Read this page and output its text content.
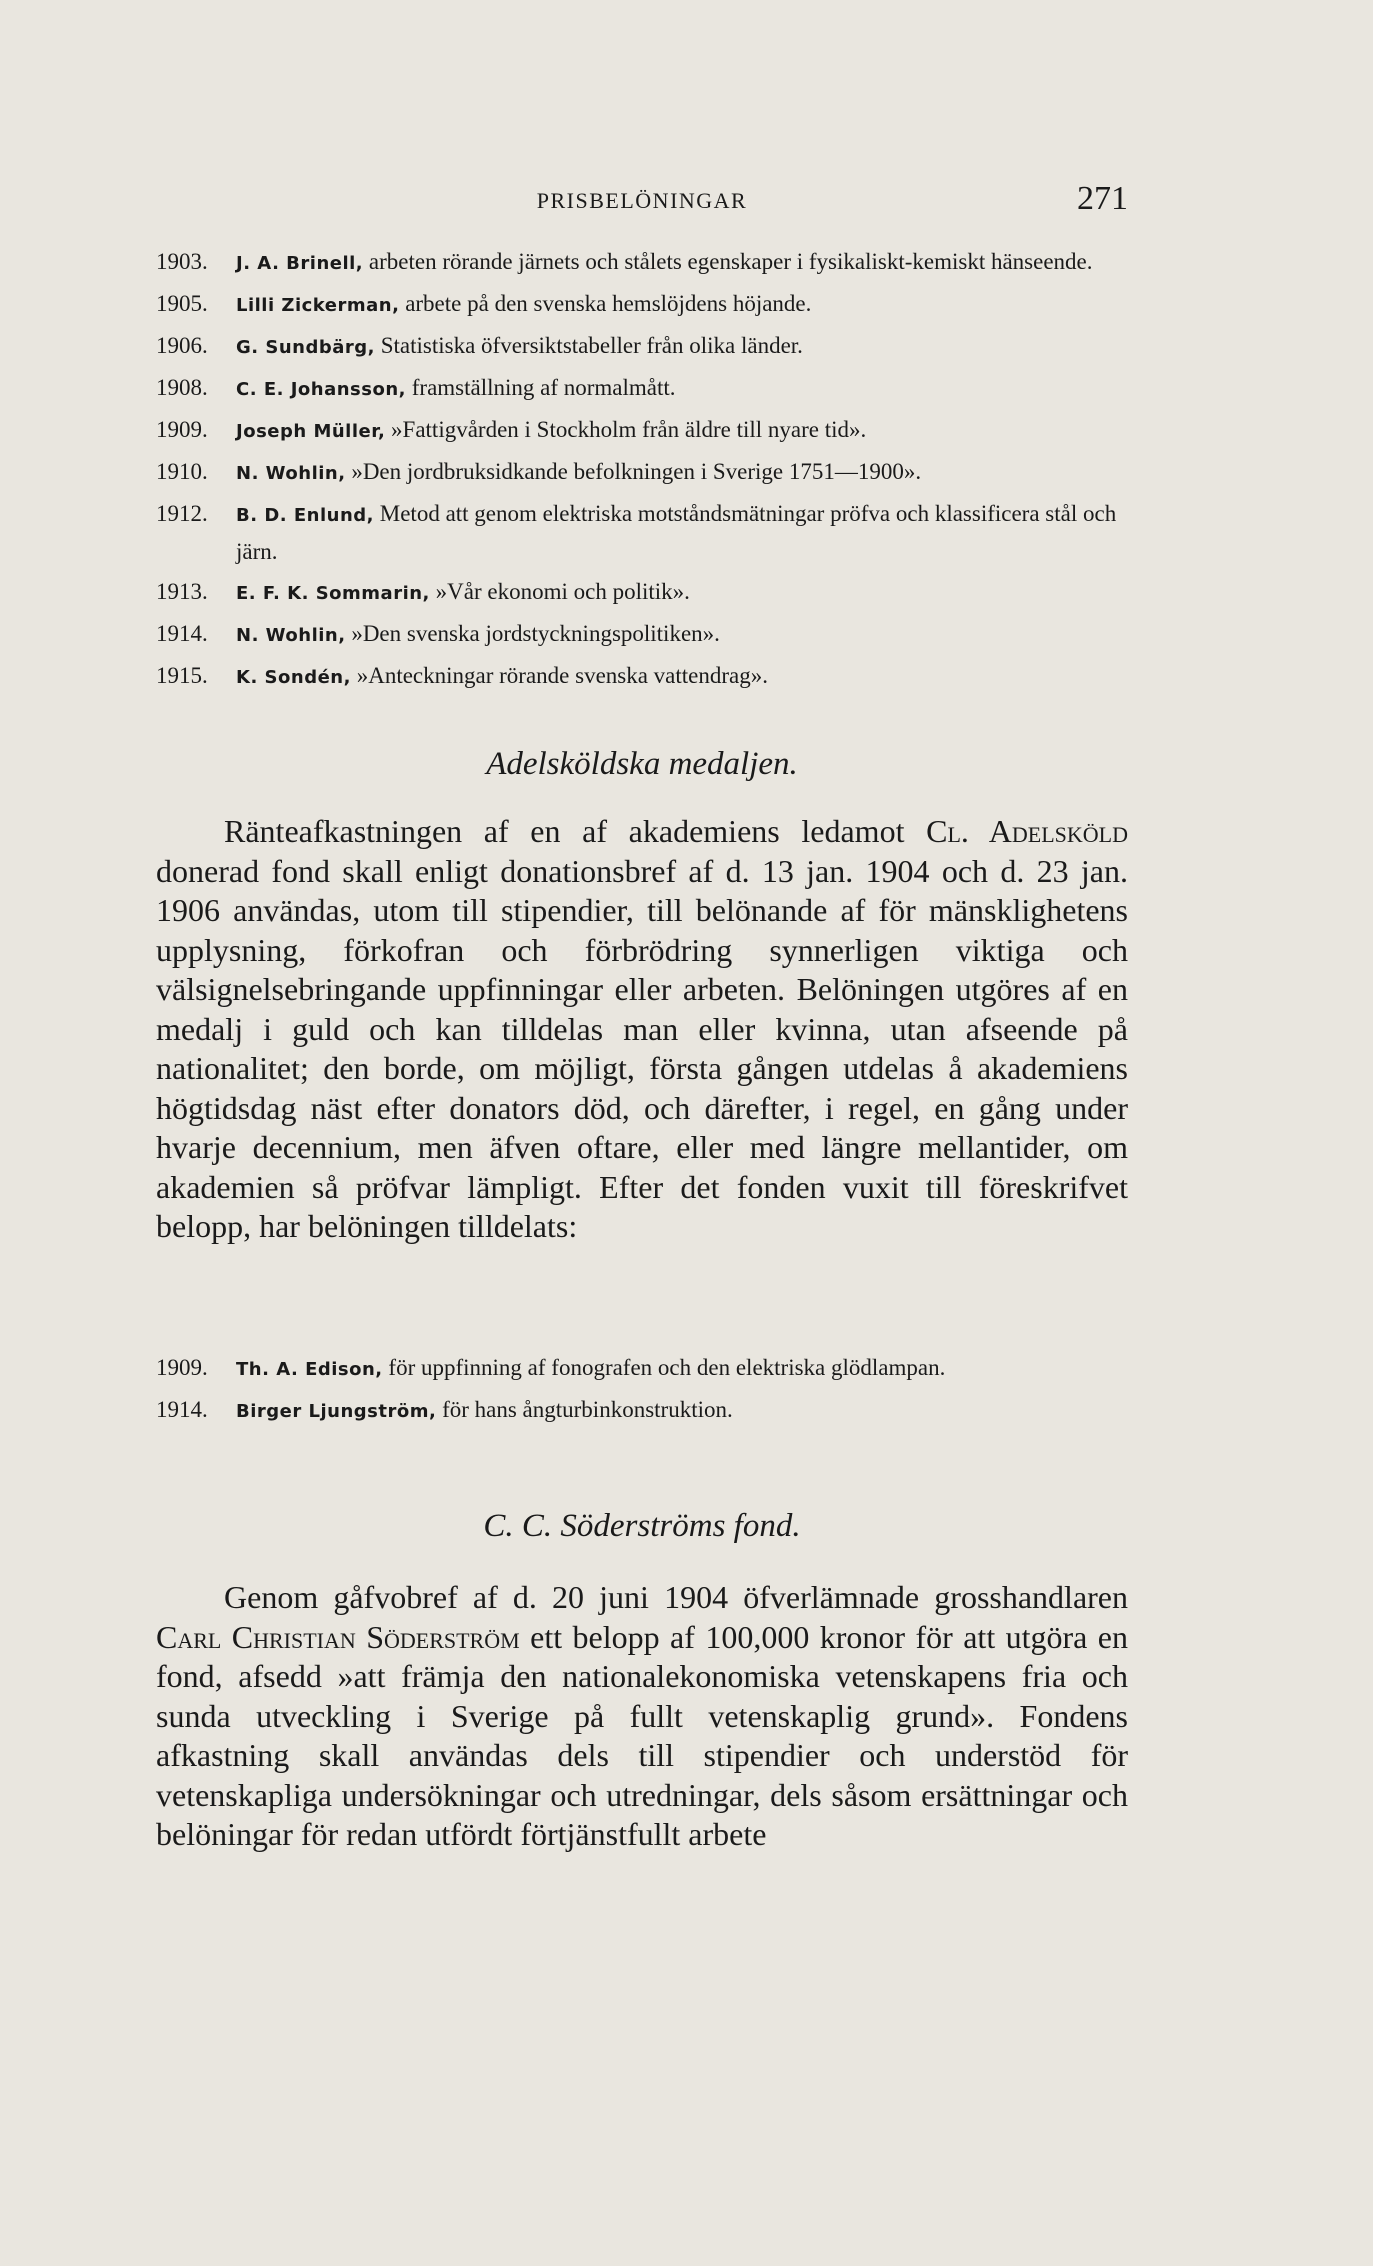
PRISBELÖNINGAR	271
1903.	J. A. Brinell, arbeten rörande järnets och stålets egenskaper i fysikaliskt-kemiskt hänseende.
1905.	Lilli Zickerman, arbete på den svenska hemslöjdens höjande.
1906.	G. Sundbärg, Statistiska öfversiktstabeller från olika länder.
1908.	C. E. Johansson, framställning af normalmått.
1909.	Joseph Müller, »Fattigvården i Stockholm från äldre till nyare tid».
1910.	N. Wohlin, »Den jordbruksidkande befolkningen i Sverige 1751—1900».
1912.	B. D. Enlund, Metod att genom elektriska motståndsmätningar pröfva och klassificera stål och järn.
1913.	E. F. K. Sommarin, »Vår ekonomi och politik».
1914.	N. Wohlin, »Den svenska jordstyckningspolitiken».
1915.	K. Sondén, »Anteckningar rörande svenska vattendrag».
Adelsköldska medaljen.

Ränteafkastningen af en af akademiens ledamot Cl. Adelsköld donerad fond skall enligt donationsbref af d. 13 jan. 1904 och d. 23 jan. 1906 användas, utom till stipendier, till belönande af för mänsklighetens upplysning, förkofran och förbrödring synnerligen viktiga och välsignelsebringande uppfinningar eller arbeten. Belöningen utgöres af en medalj i guld och kan tilldelas man eller kvinna, utan afseende på nationalitet; den borde, om möjligt, första gången utdelas å akademiens högtidsdag näst efter donators död, och därefter, i regel, en gång under hvarje decennium, men äfven oftare, eller med längre mellantider, om akademien så pröfvar lämpligt. Efter det fonden vuxit till föreskrifvet belopp, har belöningen tilldelats:

1909.	Th. A. Edison, för uppfinning af fonografen och den elektriska glödlampan.
1914.	Birger Ljungström, för hans ångturbinkonstruktion.
C. C. Söderströms fond.

Genom gåfvobref af d. 20 juni 1904 öfverlämnade grosshandlaren Carl Christian Söderström ett belopp af 100,000 kronor för att utgöra en fond, afsedd »att främja den nationalekonomiska vetenskapens fria och sunda utveckling i Sverige på fullt vetenskaplig grund». Fondens afkastning skall användas dels till stipendier och understöd för vetenskapliga undersökningar och utredningar, dels såsom ersättningar och belöningar för redan utfördt förtjänstfullt arbete
